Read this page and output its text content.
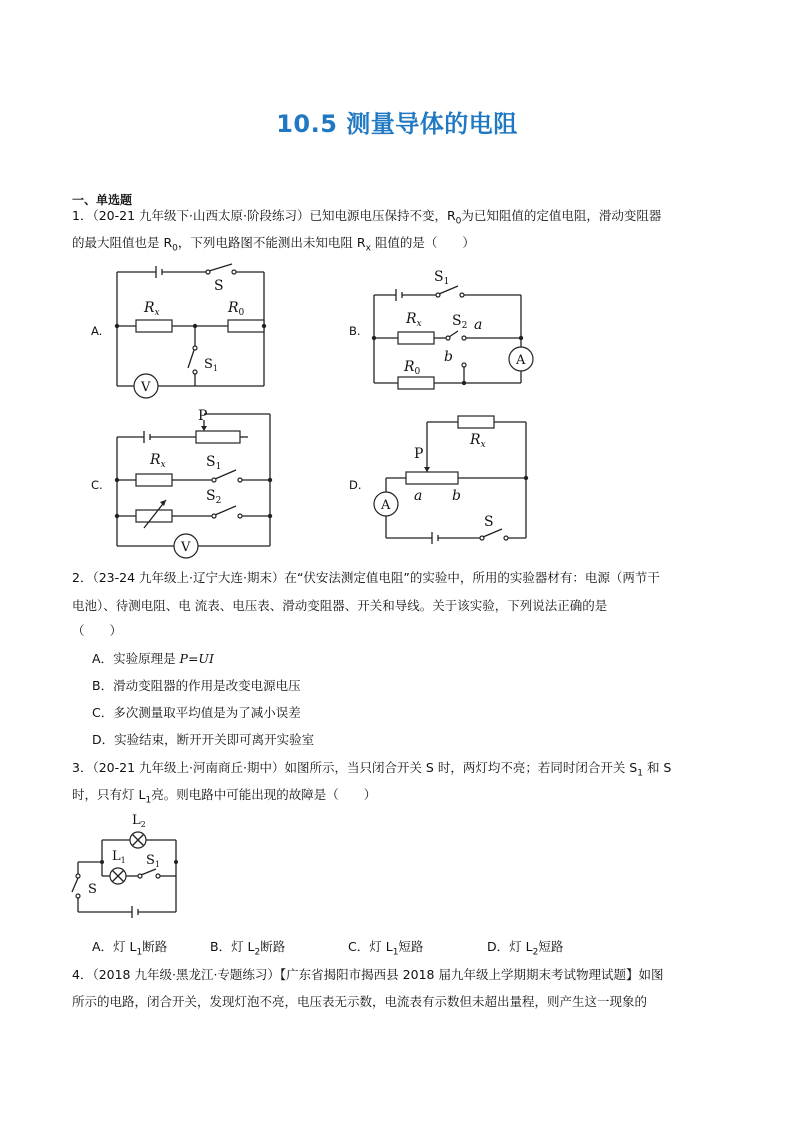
10.5 测量导体的电阻
一、单选题
1．（20-21 九年级下·山西太原·阶段练习）已知电源电压保持不变，$R_0$为已知阻值的定值电阻，滑动变阻器
的最大阻值也是 $R_0$，下列电路图不能测出未知电阻 $R_x$ 阻值的是（　　）
A.	B.
C.	D.
S
$R_x$	$R_0$
$S_1$
V
$S_1$
$R_x$ $S_2$ a
b	A
$R_0$
P
$R_x$	$S_1$
$S_2$
V
$R_x$
P
a b
A
S
2．（23-24 九年级上·辽宁大连·期末）在“伏安法测定值电阻”的实验中，所用的实验器材有：电源（两节干
电池）、待测电阻、电 流表、电压表、滑动变阻器、开关和导线。关于该实验，下列说法正确的是
（　　）
A．实验原理是 P=UI
B．滑动变阻器的作用是改变电源电压
C．多次测量取平均值是为了减小误差
D．实验结束，断开开关即可离开实验室
3．（20-21 九年级上·河南商丘·期中）如图所示，当只闭合开关 S 时，两灯均不亮；若同时闭合开关 $S_1$ 和 S
时，只有灯 $L_1$亮。则电路中可能出现的故障是（　　）
S
$L_2$
$L_1$ $S_1$
A．灯 $L_1$断路	B．灯 $L_2$断路	C．灯 $L_1$短路	D．灯 $L_2$短路
4．（2018 九年级·黑龙江·专题练习）【广东省揭阳市揭西县 2018 届九年级上学期期末考试物理试题】如图
所示的电路，闭合开关，发现灯泡不亮，电压表无示数，电流表有示数但未超出量程，则产生这一现象的
